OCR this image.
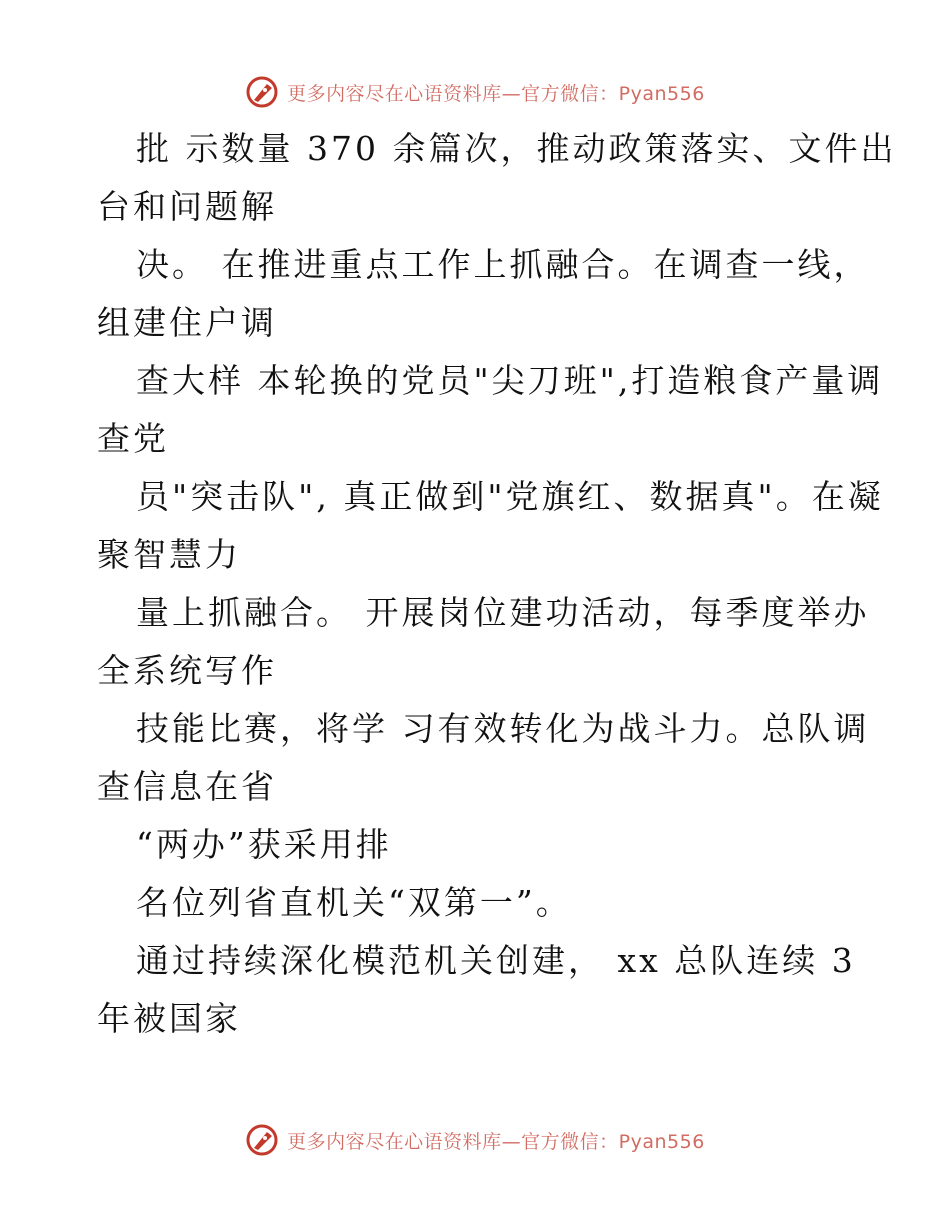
更多内容尽在心语资料库—官方微信：Pyan556

批 示数量 370 余篇次，推动政策落实、文件出

台和问题解

决。 在推进重点工作上抓融合。在调查一线，

组建住户调

查大样 本轮换的党员"尖刀班",打造粮食产量调

查党

员"突击队", 真正做到"党旗红、数据真"。在凝

聚智慧力

量上抓融合。 开展岗位建功活动，每季度举办

全系统写作

技能比赛，将学 习有效转化为战斗力。总队调

查信息在省

“两办”获采用排

名位列省直机关“双第一”。

通过持续深化模范机关创建， xx 总队连续 3

年被国家

更多内容尽在心语资料库—官方微信：Pyan556
